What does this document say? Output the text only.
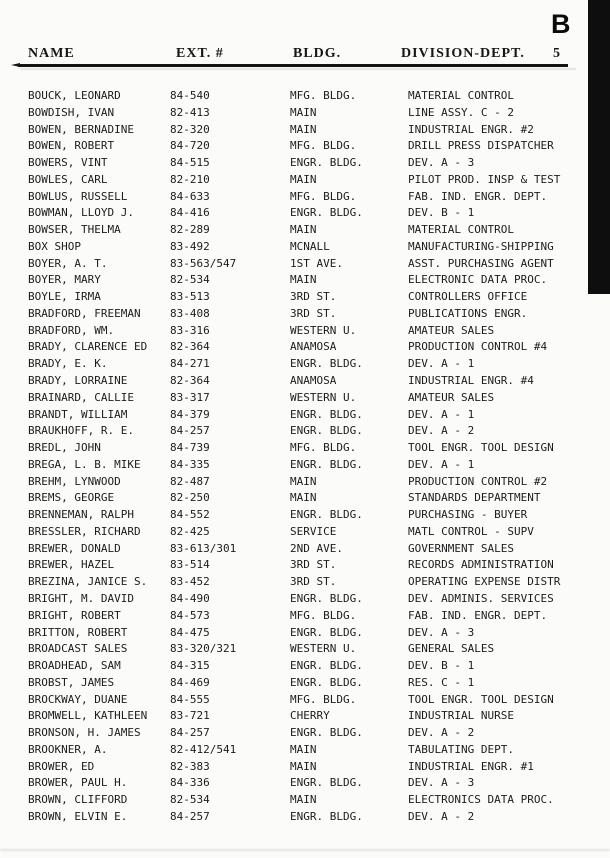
B
NAME	EXT. #	BLDG.	DIVISION-DEPT. 5
BOUCK, LEONARD	84-540	MFG. BLDG.	MATERIAL CONTROL
BOWDISH, IVAN	82-413	MAIN	LINE ASSY. C - 2
BOWEN, BERNADINE	82-320	MAIN	INDUSTRIAL ENGR. #2
BOWEN, ROBERT	84-720	MFG. BLDG.	DRILL PRESS DISPATCHER
BOWERS, VINT	84-515	ENGR. BLDG.	DEV. A - 3
BOWLES, CARL	82-210	MAIN	PILOT PROD. INSP & TEST
BOWLUS, RUSSELL	84-633	MFG. BLDG.	FAB. IND. ENGR. DEPT.
BOWMAN, LLOYD J.	84-416	ENGR. BLDG.	DEV. B - 1
BOWSER, THELMA	82-289	MAIN	MATERIAL CONTROL
BOX SHOP	83-492	MCNALL	MANUFACTURING-SHIPPING
BOYER, A. T.	83-563/547	1ST AVE.	ASST. PURCHASING AGENT
BOYER, MARY	82-534	MAIN	ELECTRONIC DATA PROC.
BOYLE, IRMA	83-513	3RD ST.	CONTROLLERS OFFICE
BRADFORD, FREEMAN	83-408	3RD ST.	PUBLICATIONS ENGR.
BRADFORD, WM.	83-316	WESTERN U.	AMATEUR SALES
BRADY, CLARENCE ED 82-364	ANAMOSA	PRODUCTION CONTROL #4
BRADY, E. K.	84-271	ENGR. BLDG.	DEV. A - 1
BRADY, LORRAINE	82-364	ANAMOSA	INDUSTRIAL ENGR. #4
BRAINARD, CALLIE	83-317	WESTERN U.	AMATEUR SALES
BRANDT, WILLIAM	84-379	ENGR. BLDG.	DEV. A - 1
BRAUKHOFF, R. E.	84-257	ENGR. BLDG.	DEV. A - 2
BREDL, JOHN	84-739	MFG. BLDG.	TOOL ENGR. TOOL DESIGN
BREGA, L. B. MIKE	84-335	ENGR. BLDG.	DEV. A - 1
BREHM, LYNWOOD	82-487	MAIN	PRODUCTION CONTROL #2
BREMS, GEORGE	82-250	MAIN	STANDARDS DEPARTMENT
BRENNEMAN, RALPH	84-552	ENGR. BLDG.	PURCHASING - BUYER
BRESSLER, RICHARD	82-425	SERVICE	MATL CONTROL - SUPV
BREWER, DONALD	83-613/301	2ND AVE.	GOVERNMENT SALES
BREWER, HAZEL	83-514	3RD ST.	RECORDS ADMINISTRATION
BREZINA, JANICE S. 83-452	3RD ST.	OPERATING EXPENSE DISTR
BRIGHT, M. DAVID	84-490	ENGR. BLDG.	DEV. ADMINIS. SERVICES
BRIGHT, ROBERT	84-573	MFG. BLDG.	FAB. IND. ENGR. DEPT.
BRITTON, ROBERT	84-475	ENGR. BLDG.	DEV. A - 3
BROADCAST SALES	83-320/321	WESTERN U.	GENERAL SALES
BROADHEAD, SAM	84-315	ENGR. BLDG.	DEV. B - 1
BROBST, JAMES	84-469	ENGR. BLDG.	RES. C - 1
BROCKWAY, DUANE	84-555	MFG. BLDG.	TOOL ENGR. TOOL DESIGN
BROMWELL, KATHLEEN 83-721	CHERRY	INDUSTRIAL NURSE
BRONSON, H. JAMES	84-257	ENGR. BLDG.	DEV. A - 2
BROOKNER, A.	82-412/541	MAIN	TABULATING DEPT.
BROWER, ED	82-383	MAIN	INDUSTRIAL ENGR. #1
BROWER, PAUL H.	84-336	ENGR. BLDG.	DEV. A - 3
BROWN, CLIFFORD	82-534	MAIN	ELECTRONICS DATA PROC.
BROWN, ELVIN E.	84-257	ENGR. BLDG.	DEV. A - 2
